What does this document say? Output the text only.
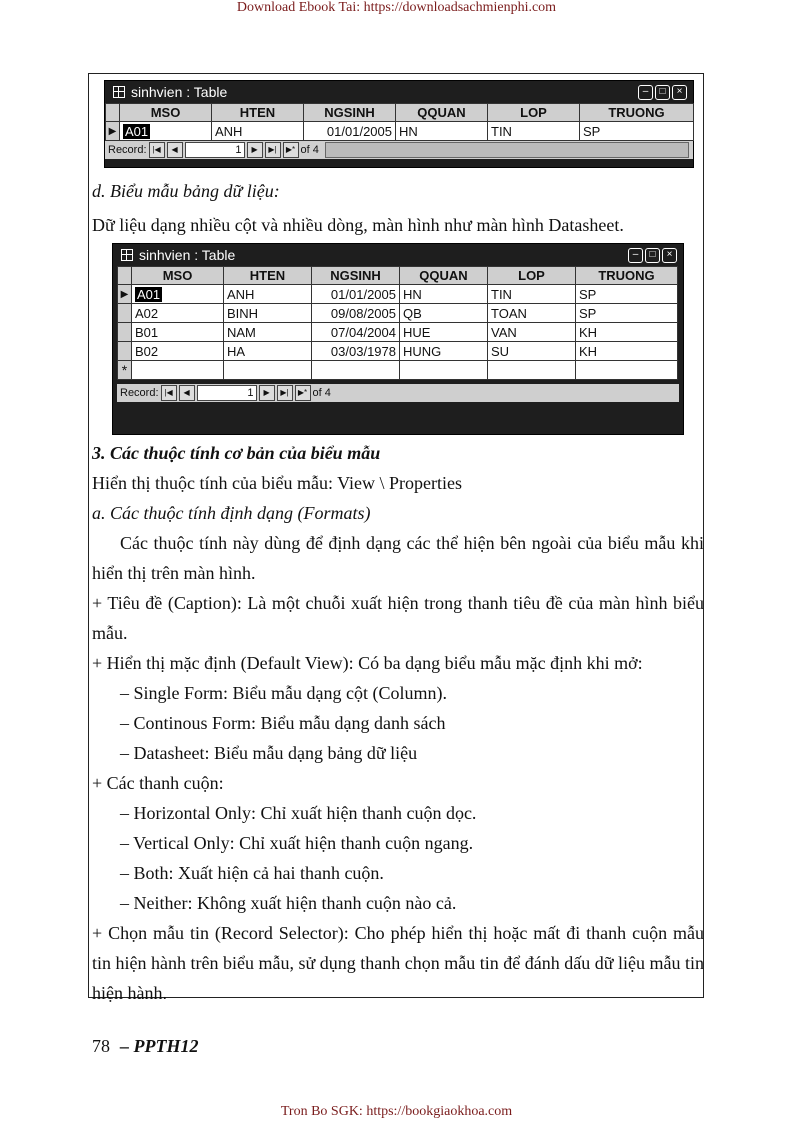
Download Ebook Tai: https://downloadsachmienphi.com
sinhvien : Table	–	□	×
	MSO	HTEN	NGSINH	QQUAN	LOP	TRUONG
▶	A01	ANH	01/01/2005	HN	TIN	SP
Record: |◀	◀	1	▶	▶|	▶* of 4

d. Biểu mẫu bảng dữ liệu:

Dữ liệu dạng nhiều cột và nhiều dòng, màn hình như màn hình Datasheet.

sinhvien : Table	–	□	×
	MSO	HTEN	NGSINH	QQUAN	LOP	TRUONG
▶	A01	ANH	01/01/2005	HN	TIN	SP
	A02	BINH	09/08/2005	QB	TOAN	SP
	B01	NAM	07/04/2004	HUE	VAN	KH
	B02	HA	03/03/1978	HUNG	SU	KH
*						
Record: |◀	◀	1	▶	▶|	▶* of 4

3. Các thuộc tính cơ bản của biểu mẫu

Hiển thị thuộc tính của biểu mẫu: View \ Properties

a. Các thuộc tính định dạng (Formats)

Các thuộc tính này dùng để định dạng các thể hiện bên ngoài của biểu mẫu khi hiển thị trên màn hình.

+ Tiêu đề (Caption): Là một chuỗi xuất hiện trong thanh tiêu đề của màn hình biểu mẫu.

+ Hiển thị mặc định (Default View): Có ba dạng biểu mẫu mặc định khi mở:

– Single Form: Biểu mẫu dạng cột (Column).

– Continous Form: Biểu mẫu dạng danh sách

– Datasheet: Biểu mẫu dạng bảng dữ liệu

+ Các thanh cuộn:

– Horizontal Only: Chỉ xuất hiện thanh cuộn dọc.

– Vertical Only: Chỉ xuất hiện thanh cuộn ngang.

– Both: Xuất hiện cả hai thanh cuộn.

– Neither: Không xuất hiện thanh cuộn nào cả.

+ Chọn mẫu tin (Record Selector): Cho phép hiển thị hoặc mất đi thanh cuộn mẫu tin hiện hành trên biểu mẫu, sử dụng thanh chọn mẫu tin để đánh dấu dữ liệu mẫu tin hiện hành.

78 – PPTH12
Tron Bo SGK: https://bookgiaokhoa.com
